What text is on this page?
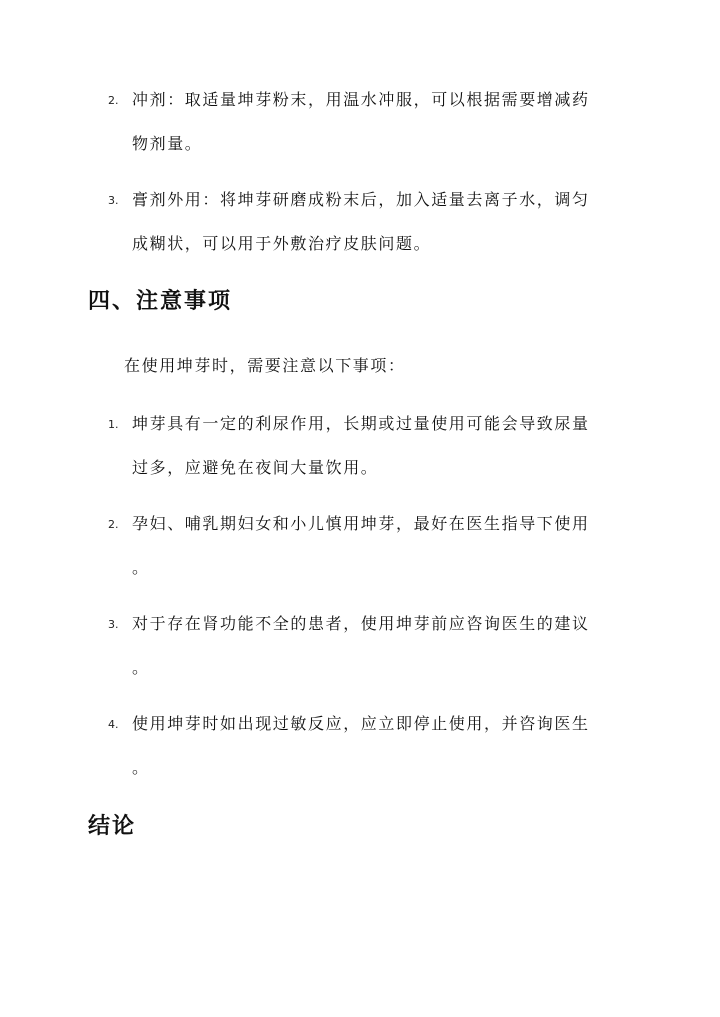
2. 冲剂：取适量坤芽粉末，用温水冲服，可以根据需要增减药
物剂量。
3. 膏剂外用：将坤芽研磨成粉末后，加入适量去离子水，调匀
成糊状，可以用于外敷治疗皮肤问题。
四、注意事项
在使用坤芽时，需要注意以下事项：
1. 坤芽具有一定的利尿作用，长期或过量使用可能会导致尿量
过多，应避免在夜间大量饮用。
2. 孕妇、哺乳期妇女和小儿慎用坤芽，最好在医生指导下使用
。
3. 对于存在肾功能不全的患者，使用坤芽前应咨询医生的建议
。
4. 使用坤芽时如出现过敏反应，应立即停止使用，并咨询医生
。
结论
